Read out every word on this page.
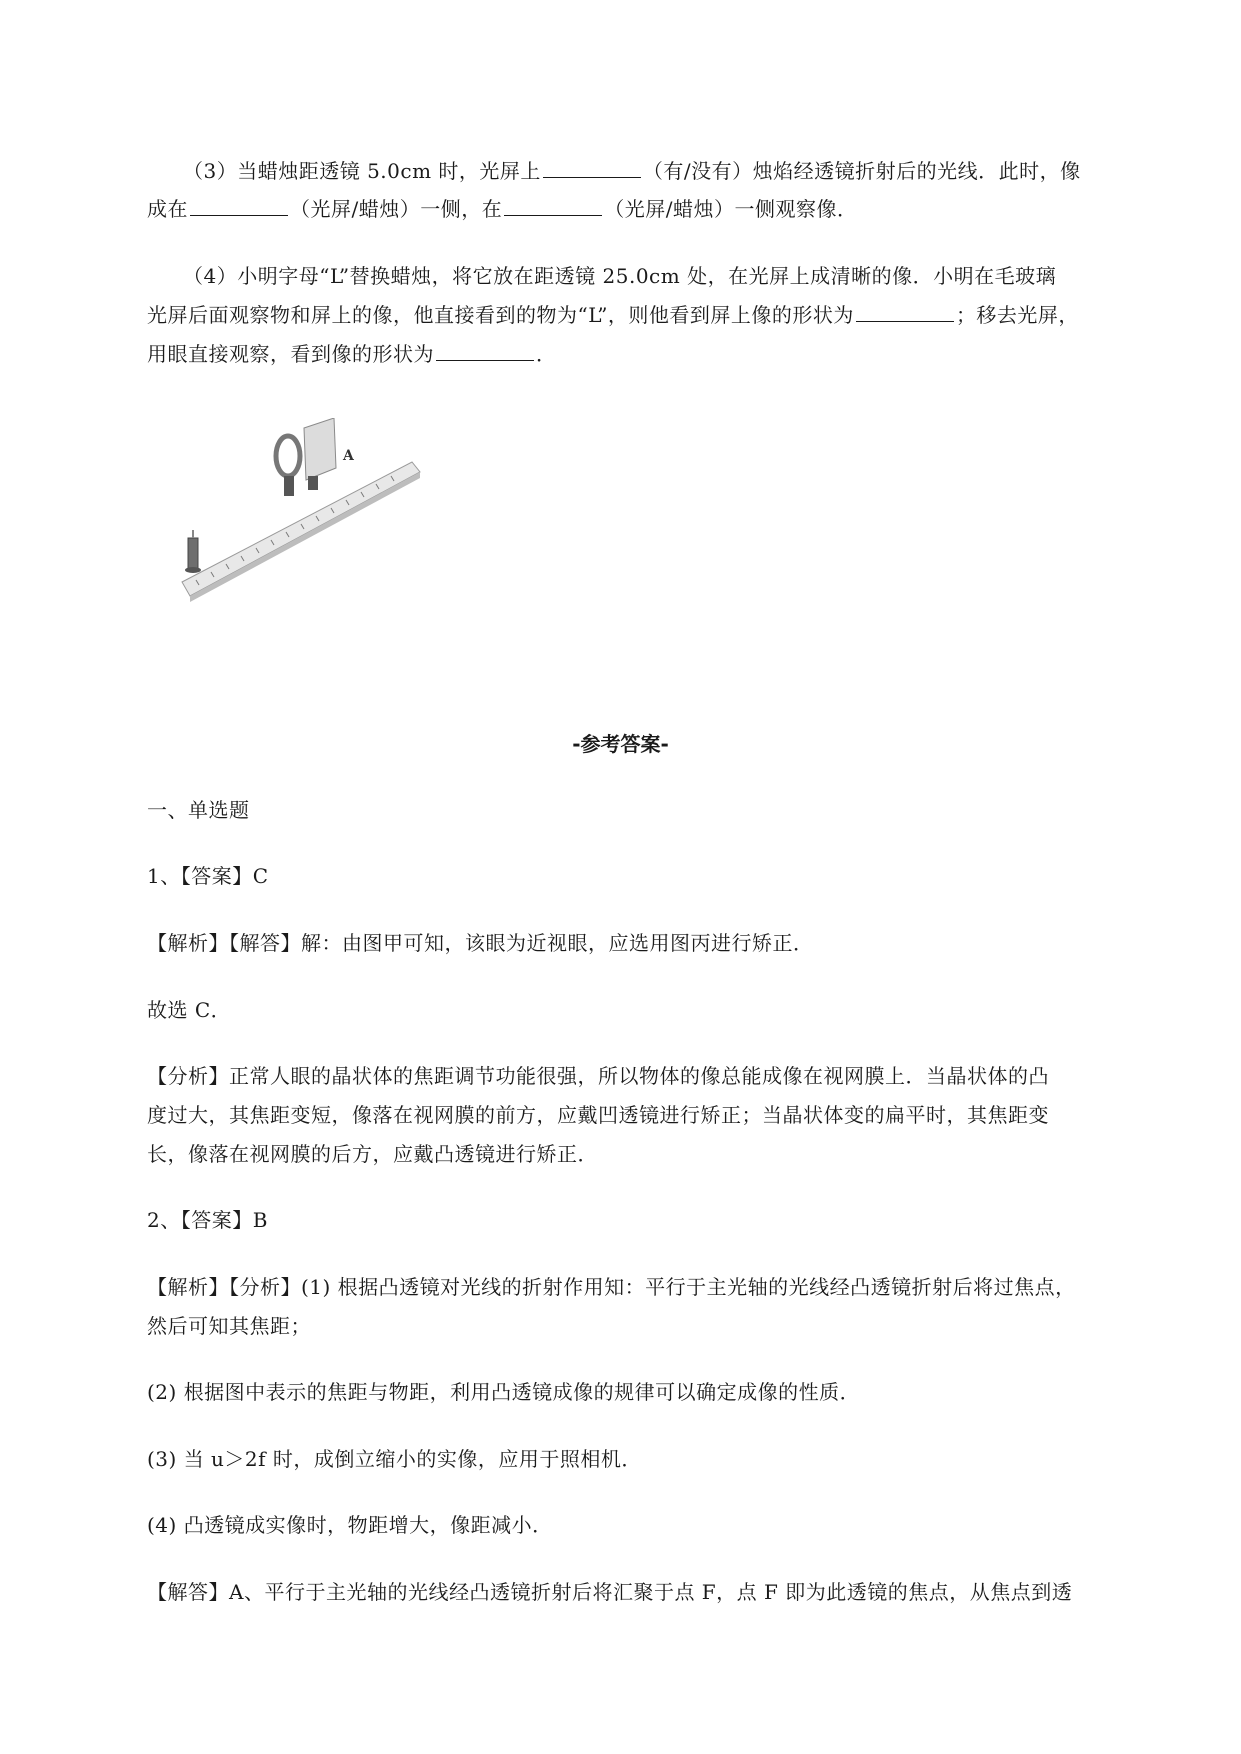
（3）当蜡烛距透镜 5.0cm 时，光屏上	（有/没有）烛焰经透镜折射后的光线．此时，像
成在	（光屏/蜡烛）一侧，在	（光屏/蜡烛）一侧观察像．
（4）小明字母“L”替换蜡烛，将它放在距透镜 25.0cm 处，在光屏上成清晰的像．小明在毛玻璃
光屏后面观察物和屏上的像，他直接看到的物为“L”，则他看到屏上像的形状为	；移去光屏，
用眼直接观察，看到像的形状为	．
A
-参考答案-
一、单选题
1、【答案】C
【解析】【解答】解：由图甲可知，该眼为近视眼，应选用图丙进行矫正．
故选 C．
【分析】正常人眼的晶状体的焦距调节功能很强，所以物体的像总能成像在视网膜上．当晶状体的凸
度过大，其焦距变短，像落在视网膜的前方，应戴凹透镜进行矫正；当晶状体变的扁平时，其焦距变
长，像落在视网膜的后方，应戴凸透镜进行矫正．
2、【答案】B
【解析】【分析】(1) 根据凸透镜对光线的折射作用知：平行于主光轴的光线经凸透镜折射后将过焦点，
然后可知其焦距；
(2) 根据图中表示的焦距与物距，利用凸透镜成像的规律可以确定成像的性质．
(3) 当 u＞2f 时，成倒立缩小的实像，应用于照相机．
(4) 凸透镜成实像时，物距增大，像距减小．
【解答】A、平行于主光轴的光线经凸透镜折射后将汇聚于点 F，点 F 即为此透镜的焦点，从焦点到透
